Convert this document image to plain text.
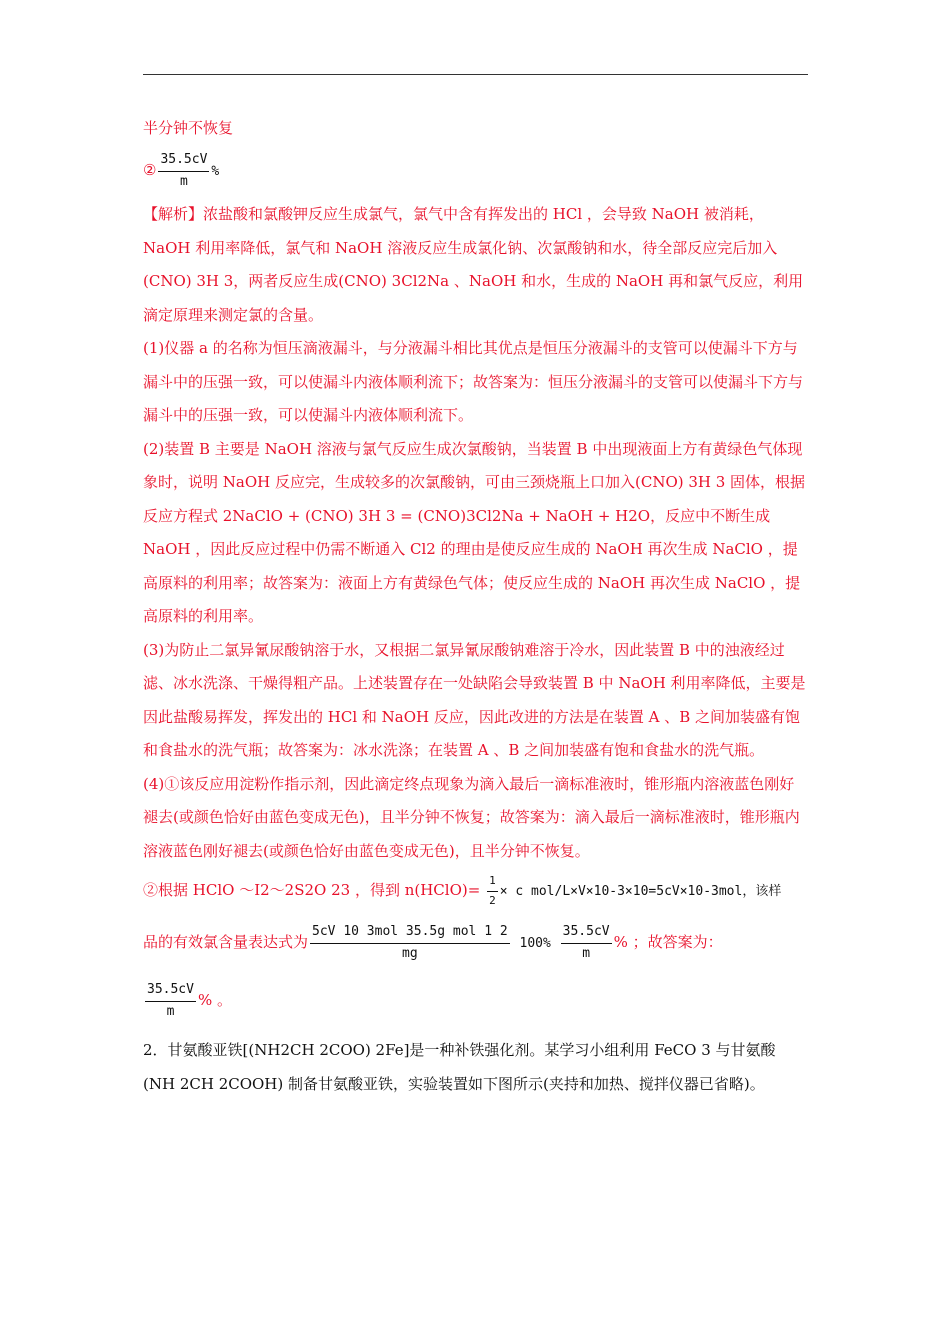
半分钟不恢复
② $\frac{35.5cV}{m}$ %
【解析】浓盐酸和氯酸钾反应生成氯气，氯气中含有挥发出的 HCl ，会导致 NaOH 被消耗，NaOH 利用率降低，氯气和 NaOH 溶液反应生成氯化钠、次氯酸钠和水，待全部反应完后加入(CNO) 3H 3，两者反应生成(CNO) 3Cl2Na 、NaOH 和水，生成的 NaOH 再和氯气反应，利用滴定原理来测定氯的含量。
(1)仪器 a 的名称为恒压滴液漏斗，与分液漏斗相比其优点是恒压分液漏斗的支管可以使漏斗下方与漏斗中的压强一致，可以使漏斗内液体顺利流下；故答案为：恒压分液漏斗的支管可以使漏斗下方与漏斗中的压强一致，可以使漏斗内液体顺利流下。
(2)装置 B 主要是 NaOH 溶液与氯气反应生成次氯酸钠，当装置 B 中出现液面上方有黄绿色气体现象时，说明 NaOH 反应完，生成较多的次氯酸钠，可由三颈烧瓶上口加入(CNO) 3H 3 固体，根据反应方程式 2NaClO + (CNO) 3H 3 = (CNO)3Cl2Na + NaOH + H2O，反应中不断生成 NaOH ，因此反应过程中仍需不断通入 Cl2 的理由是使反应生成的 NaOH 再次生成 NaClO ，提高原料的利用率；故答案为：液面上方有黄绿色气体；使反应生成的 NaOH 再次生成 NaClO ，提高原料的利用率。
(3)为防止二氯异氰尿酸钠溶于水，又根据二氯异氰尿酸钠难溶于冷水，因此装置 B 中的浊液经过滤、冰水洗涤、干燥得粗产品。上述装置存在一处缺陷会导致装置 B 中 NaOH 利用率降低，主要是因此盐酸易挥发，挥发出的 HCl 和 NaOH 反应，因此改进的方法是在装置 A 、B 之间加装盛有饱和食盐水的洗气瓶；故答案为：冰水洗涤；在装置 A 、B 之间加装盛有饱和食盐水的洗气瓶。
(4)①该反应用淀粉作指示剂，因此滴定终点现象为滴入最后一滴标准液时，锥形瓶内溶液蓝色刚好褪去(或颜色恰好由蓝色变成无色)，且半分钟不恢复；故答案为：滴入最后一滴标准液时，锥形瓶内溶液蓝色刚好褪去(或颜色恰好由蓝色变成无色)，且半分钟不恢复。
②根据 HClO ～I2～2S2O 23 ，得到 n(HClO)= $\frac{1}{2} \times c$ mol/L×V×10-3×10=5cV×10-3mol，该样
品的有效氯含量表达式为 $\frac{\text{5cV 10 3mol 35.5g mol 1 2}}{mg} 100\% \frac{35.5cV}{m}$ % ；故答案为：
$\frac{35.5cV}{m}$ % 。
2．甘氨酸亚铁[(NH2CH 2COO) 2Fe]是一种补铁强化剂。某学习小组利用 FeCO 3 与甘氨酸
(NH 2CH 2COOH) 制备甘氨酸亚铁，实验装置如下图所示(夹持和加热、搅拌仪器已省略)。
